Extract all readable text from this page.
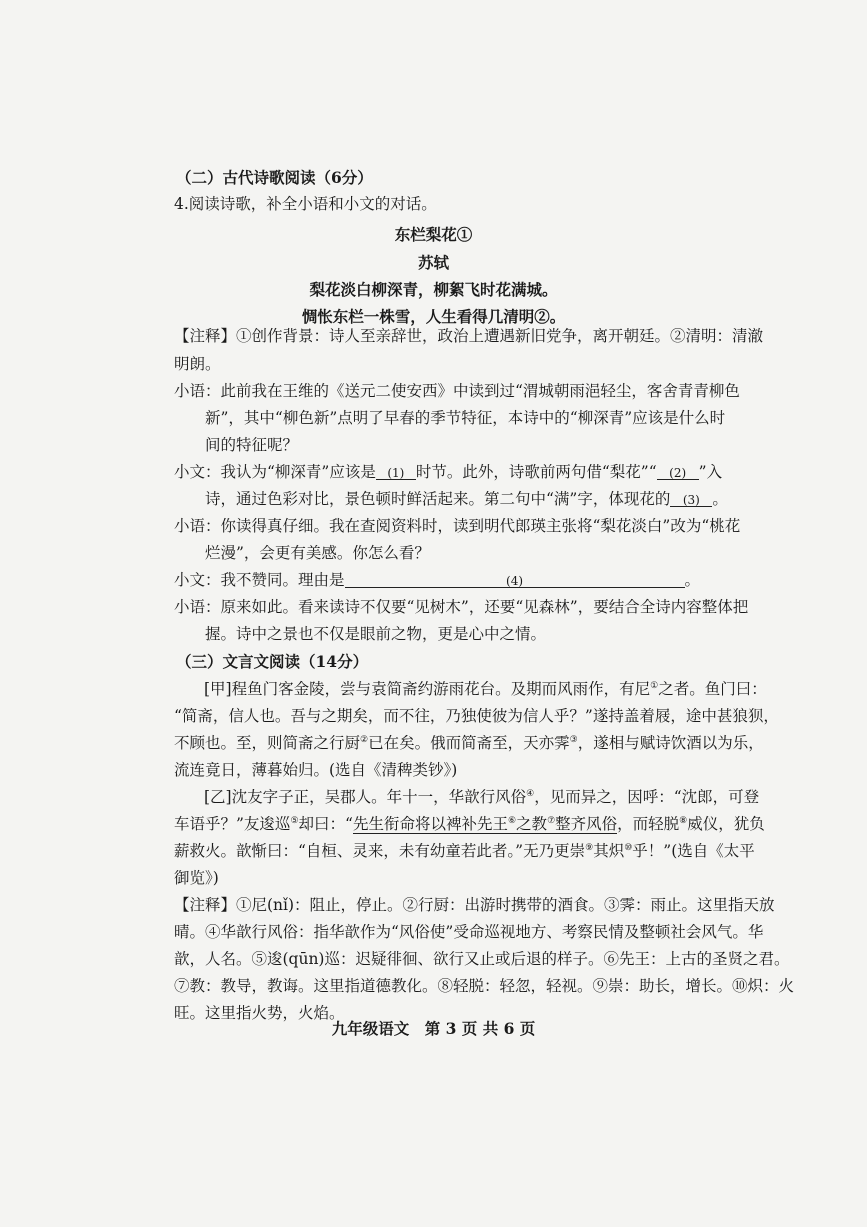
（二）古代诗歌阅读（6分）
4.阅读诗歌，补全小语和小文的对话。
东栏梨花①
苏轼
梨花淡白柳深青，柳絮飞时花满城。
惆怅东栏一株雪，人生看得几清明②。
【注释】①创作背景：诗人至亲辞世，政治上遭遇新旧党争，离开朝廷。②清明：清澈
明朗。
小语：此前我在王维的《送元二使安西》中读到过“渭城朝雨浥轻尘，客舍青青柳色
新”，其中“柳色新”点明了早春的季节特征，本诗中的“柳深青”应该是什么时
间的特征呢？
小文：我认为“柳深青”应该是 (1) 时节。此外，诗歌前两句借“梨花”“ (2) ”入
诗，通过色彩对比，景色顿时鲜活起来。第二句中“满”字，体现花的 (3) 。
小语：你读得真仔细。我在查阅资料时，读到明代郎瑛主张将“梨花淡白”改为“桃花
烂漫”，会更有美感。你怎么看？
小文：我不赞同。理由是	(4)	。
小语：原来如此。看来读诗不仅要“见树木”，还要“见森林”，要结合全诗内容整体把
握。诗中之景也不仅是眼前之物，更是心中之情。
（三）文言文阅读（14分）
[甲]程鱼门客金陵，尝与袁简斋约游雨花台。及期而风雨作，有尼①之者。鱼门曰：
“简斋，信人也。吾与之期矣，而不往，乃独使彼为信人乎？”遂持盖着屐，途中甚狼狈，
不顾也。至，则简斋之行厨②已在矣。俄而简斋至，天亦霁③，遂相与赋诗饮酒以为乐，
流连竟日，薄暮始归。(选自《清稗类钞》)
[乙]沈友字子正，吴郡人。年十一，华歆行风俗④，见而异之，因呼：“沈郎，可登
车语乎？”友逡巡⑤却曰：“先生衔命将以裨补先王⑥之教⑦整齐风俗，而轻脱⑧威仪，犹负
薪救火。歆惭曰：“自桓、灵来，未有幼童若此者。”无乃更崇⑨其炽⑩乎！”(选自《太平
御览》)
【注释】①尼(nǐ)：阻止，停止。②行厨：出游时携带的酒食。③霁：雨止。这里指天放
晴。④华歆行风俗：指华歆作为“风俗使”受命巡视地方、考察民情及整顿社会风气。华
歆，人名。⑤逡(qūn)巡：迟疑徘徊、欲行又止或后退的样子。⑥先王：上古的圣贤之君。
⑦教：教导，教诲。这里指道德教化。⑧轻脱：轻忽，轻视。⑨崇：助长，增长。⑩炽：火
旺。这里指火势，火焰。
九年级语文　第 3 页 共 6 页
